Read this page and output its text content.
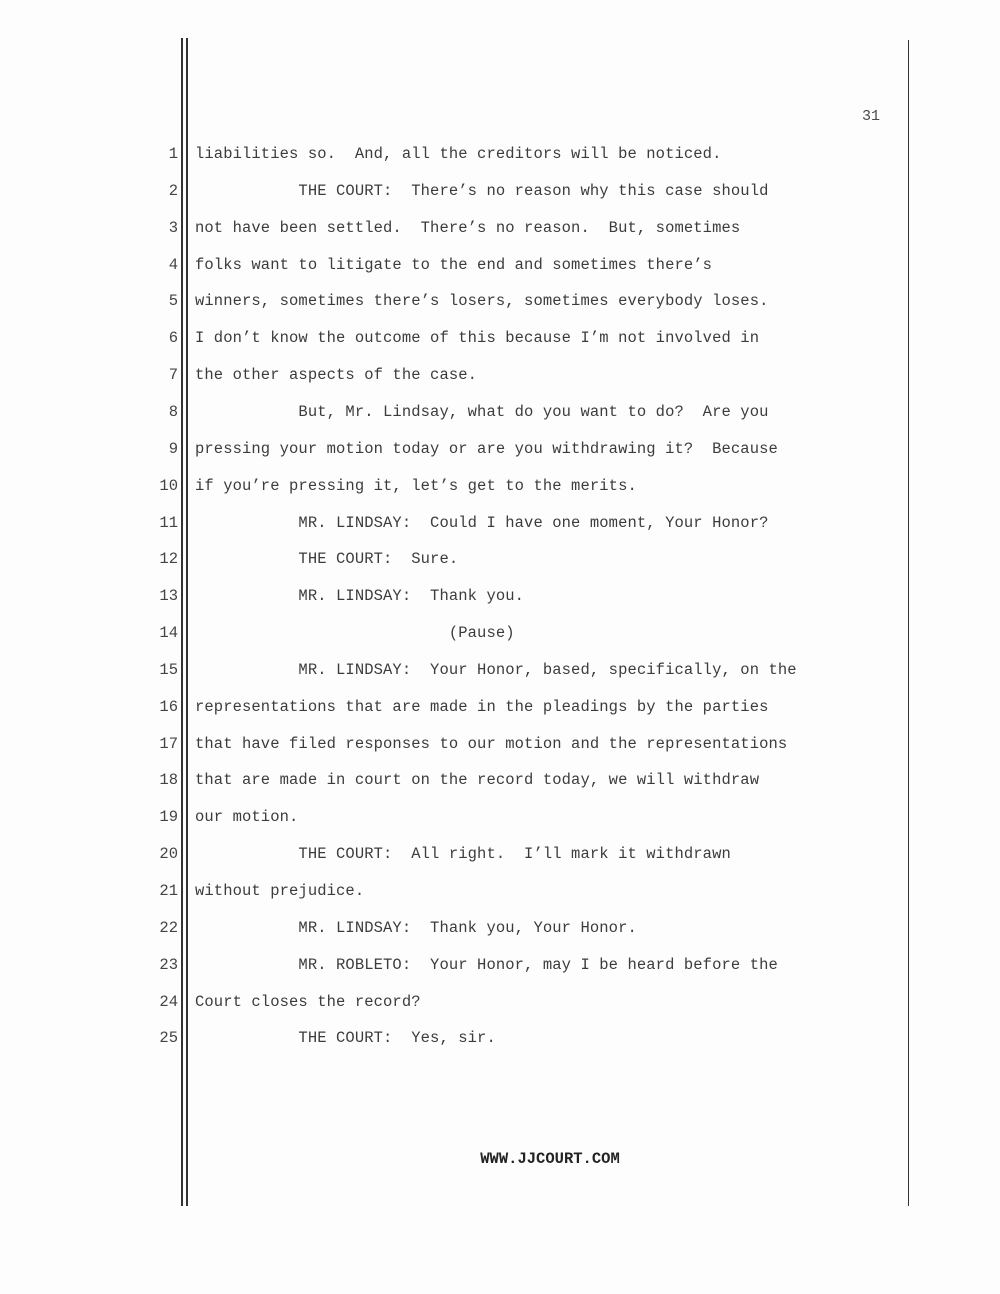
31
1 liabilities so.  And, all the creditors will be noticed.
2 THE COURT:  There’s no reason why this case should
3 not have been settled.  There’s no reason.  But, sometimes
4 folks want to litigate to the end and sometimes there’s
5 winners, sometimes there’s losers, sometimes everybody loses.
6 I don’t know the outcome of this because I’m not involved in
7 the other aspects of the case.
8 But, Mr. Lindsay, what do you want to do?  Are you
9 pressing your motion today or are you withdrawing it?  Because
10 if you’re pressing it, let’s get to the merits.
11 MR. LINDSAY:  Could I have one moment, Your Honor?
12 THE COURT:  Sure.
13 MR. LINDSAY:  Thank you.
14 (Pause)
15 MR. LINDSAY:  Your Honor, based, specifically, on the
16 representations that are made in the pleadings by the parties
17 that have filed responses to our motion and the representations
18 that are made in court on the record today, we will withdraw
19 our motion.
20 THE COURT:  All right.  I’ll mark it withdrawn
21 without prejudice.
22 MR. LINDSAY:  Thank you, Your Honor.
23 MR. ROBLETO:  Your Honor, may I be heard before the
24 Court closes the record?
25 THE COURT:  Yes, sir.
WWW.JJCOURT.COM
